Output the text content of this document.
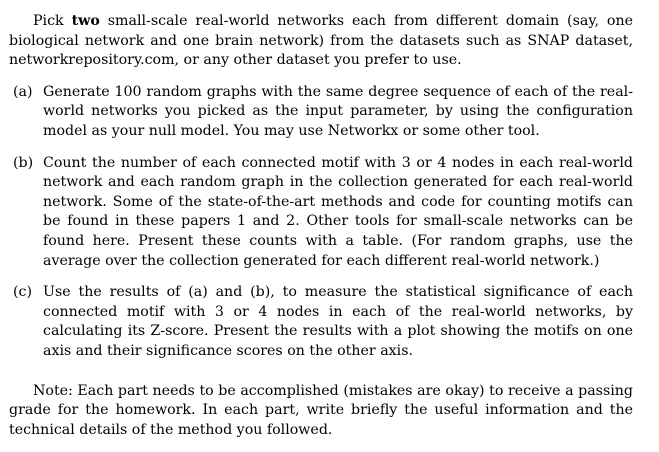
Pick two small-scale real-world networks each from different domain (say, one biological network and one brain network) from the datasets such as SNAP dataset, networkrepository.com, or any other dataset you prefer to use.

(a) Generate 100 random graphs with the same degree sequence of each of the real-world networks you picked as the input parameter, by using the configuration model as your null model. You may use Networkx or some other tool.
(b) Count the number of each connected motif with 3 or 4 nodes in each real-world network and each random graph in the collection generated for each real-world network. Some of the state-of-the-art methods and code for counting motifs can be found in these papers 1 and 2. Other tools for small-scale networks can be found here. Present these counts with a table. (For random graphs, use the average over the collection generated for each different real-world network.)
(c) Use the results of (a) and (b), to measure the statistical significance of each connected motif with 3 or 4 nodes in each of the real-world networks, by calculating its Z-score. Present the results with a plot showing the motifs on one axis and their significance scores on the other axis.

Note: Each part needs to be accomplished (mistakes are okay) to receive a passing grade for the homework. In each part, write briefly the useful information and the technical details of the method you followed.
